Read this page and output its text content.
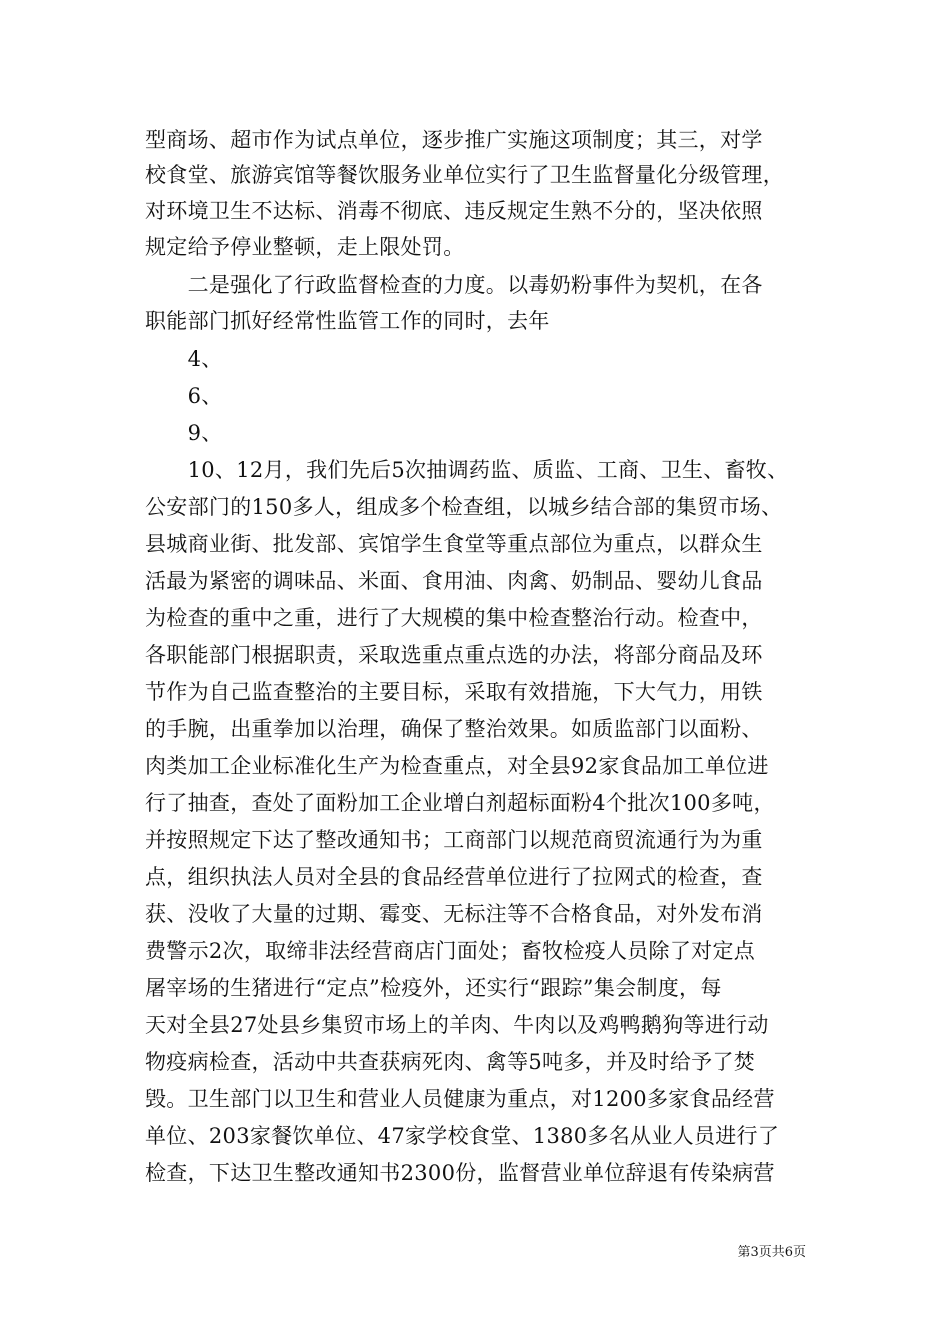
型商场、超市作为试点单位，逐步推广实施这项制度；其三，对学
校食堂、旅游宾馆等餐饮服务业单位实行了卫生监督量化分级管理，
对环境卫生不达标、消毒不彻底、违反规定生熟不分的，坚决依照
规定给予停业整顿，走上限处罚。
　　二是强化了行政监督检查的力度。以毒奶粉事件为契机，在各
职能部门抓好经常性监管工作的同时，去年
　　4、
　　6、
　　9、
　　10、12月，我们先后5次抽调药监、质监、工商、卫生、畜牧、
公安部门的150多人，组成多个检查组，以城乡结合部的集贸市场、
县城商业街、批发部、宾馆学生食堂等重点部位为重点，以群众生
活最为紧密的调味品、米面、食用油、肉禽、奶制品、婴幼儿食品
为检查的重中之重，进行了大规模的集中检查整治行动。检查中，
各职能部门根据职责，采取选重点重点选的办法，将部分商品及环
节作为自己监查整治的主要目标，采取有效措施，下大气力，用铁
的手腕，出重拳加以治理，确保了整治效果。如质监部门以面粉、
肉类加工企业标准化生产为检查重点，对全县92家食品加工单位进
行了抽查，查处了面粉加工企业增白剂超标面粉4个批次100多吨，
并按照规定下达了整改通知书；工商部门以规范商贸流通行为为重
点，组织执法人员对全县的食品经营单位进行了拉网式的检查，查
获、没收了大量的过期、霉变、无标注等不合格食品，对外发布消
费警示2次，取缔非法经营商店门面处；畜牧检疫人员除了对定点
屠宰场的生猪进行“定点”检疫外，还实行“跟踪”集会制度，每
天对全县27处县乡集贸市场上的羊肉、牛肉以及鸡鸭鹅狗等进行动
物疫病检查，活动中共查获病死肉、禽等5吨多，并及时给予了焚
毁。卫生部门以卫生和营业人员健康为重点，对1200多家食品经营
单位、203家餐饮单位、47家学校食堂、1380多名从业人员进行了
检查，下达卫生整改通知书2300份，监督营业单位辞退有传染病营
第3页共6页
